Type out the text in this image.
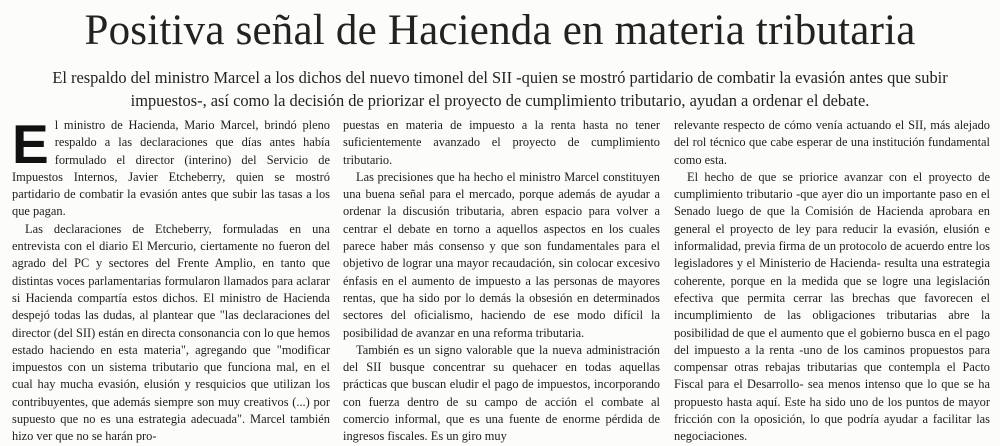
Positiva señal de Hacienda en materia tributaria
El respaldo del ministro Marcel a los dichos del nuevo timonel del SII -quien se mostró partidario de combatir la evasión antes que subir impuestos-, así como la decisión de priorizar el proyecto de cumplimiento tributario, ayudan a ordenar el debate.
E l ministro de Hacienda, Mario Marcel, brindó pleno respaldo a las declaraciones que días antes había formulado el director (interino) del Servicio de Impuestos Internos, Javier Etcheberry, quien se mostró partidario de combatir la evasión antes que subir las tasas a los que pagan.

Las declaraciones de Etcheberry, formuladas en una entrevista con el diario El Mercurio, ciertamente no fueron del agrado del PC y sectores del Frente Amplio, en tanto que distintas voces parlamentarias formularon llamados para aclarar si Hacienda compartía estos dichos. El ministro de Hacienda despejó todas las dudas, al plantear que "las declaraciones del director (del SII) están en directa consonancia con lo que hemos estado haciendo en esta materia", agregando que "modificar impuestos con un sistema tributario que funciona mal, en el cual hay mucha evasión, elusión y resquicios que utilizan los contribuyentes, que además siempre son muy creativos (...) por supuesto que no es una estrategia adecuada". Marcel también hizo ver que no se harán pro-

puestas en materia de impuesto a la renta hasta no tener suficientemente avanzado el proyecto de cumplimiento tributario.

Las precisiones que ha hecho el ministro Marcel constituyen una buena señal para el mercado, porque además de ayudar a ordenar la discusión tributaria, abren espacio para volver a centrar el debate en torno a aquellos aspectos en los cuales parece haber más consenso y que son fundamentales para el objetivo de lograr una mayor recaudación, sin colocar excesivo énfasis en el aumento de impuesto a las personas de mayores rentas, que ha sido por lo demás la obsesión en determinados sectores del oficialismo, haciendo de ese modo difícil la posibilidad de avanzar en una reforma tributaria.

También es un signo valorable que la nueva administración del SII busque concentrar su quehacer en todas aquellas prácticas que buscan eludir el pago de impuestos, incorporando con fuerza dentro de su campo de acción el combate al comercio informal, que es una fuente de enorme pérdida de ingresos fiscales. Es un giro muy

relevante respecto de cómo venía actuando el SII, más alejado del rol técnico que cabe esperar de una institución fundamental como esta.

El hecho de que se priorice avanzar con el proyecto de cumplimiento tributario -que ayer dio un importante paso en el Senado luego de que la Comisión de Hacienda aprobara en general el proyecto de ley para reducir la evasión, elusión e informalidad, previa firma de un protocolo de acuerdo entre los legisladores y el Ministerio de Hacienda- resulta una estrategia coherente, porque en la medida que se logre una legislación efectiva que permita cerrar las brechas que favorecen el incumplimiento de las obligaciones tributarias abre la posibilidad de que el aumento que el gobierno busca en el pago del impuesto a la renta -uno de los caminos propuestos para compensar otras rebajas tributarias que contempla el Pacto Fiscal para el Desarrollo- sea menos intenso que lo que se ha propuesto hasta aquí. Este ha sido uno de los puntos de mayor fricción con la oposición, lo que podría ayudar a facilitar las negociaciones.
